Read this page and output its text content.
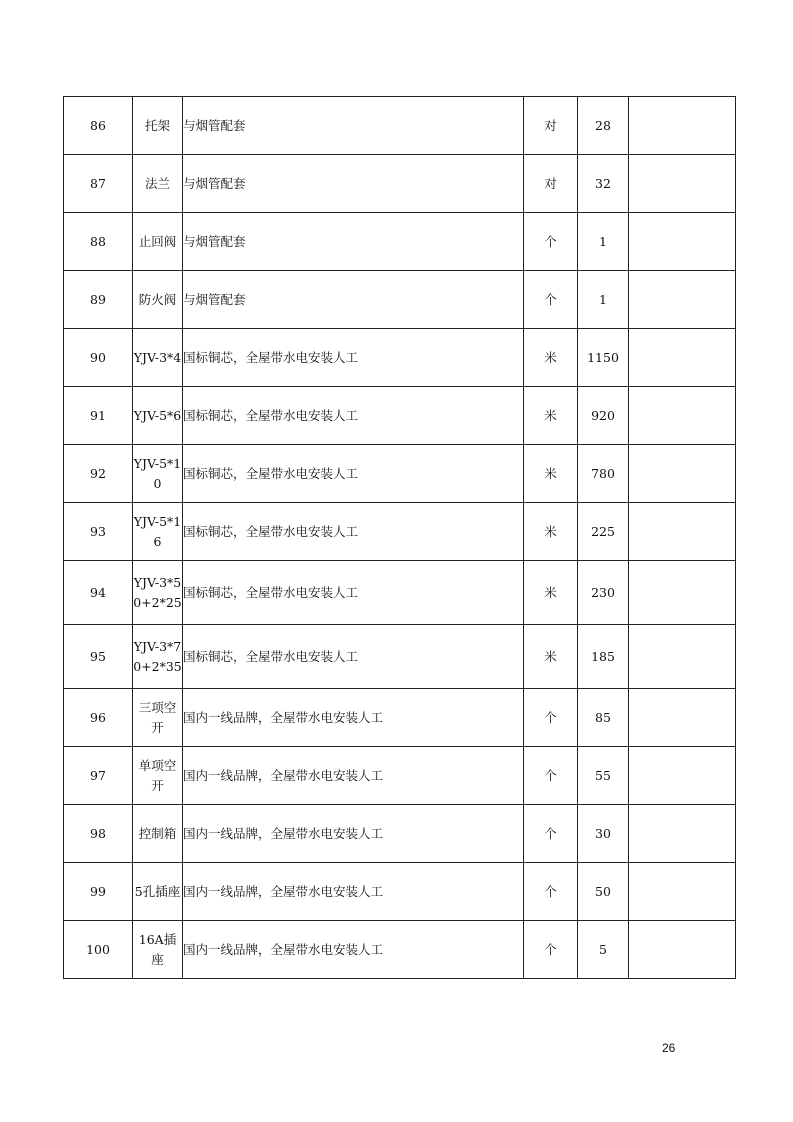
86	托架	与烟管配套	对	28	
87	法兰	与烟管配套	对	32	
88	止回阀	与烟管配套	个	1	
89	防火阀	与烟管配套	个	1	
90	YJV-3*4	国标铜芯，全屋带水电安装人工	米	1150	
91	YJV-5*6	国标铜芯，全屋带水电安装人工	米	920	
92	YJV-5*10	国标铜芯，全屋带水电安装人工	米	780	
93	YJV-5*16	国标铜芯，全屋带水电安装人工	米	225	
94	YJV-3*50+2*25	国标铜芯，全屋带水电安装人工	米	230	
95	YJV-3*70+2*35	国标铜芯，全屋带水电安装人工	米	185	
96	三项空开	国内一线品牌，全屋带水电安装人工	个	85	
97	单项空开	国内一线品牌，全屋带水电安装人工	个	55	
98	控制箱	国内一线品牌，全屋带水电安装人工	个	30	
99	5孔插座	国内一线品牌，全屋带水电安装人工	个	50	
100	16A插座	国内一线品牌，全屋带水电安装人工	个	5	
26
